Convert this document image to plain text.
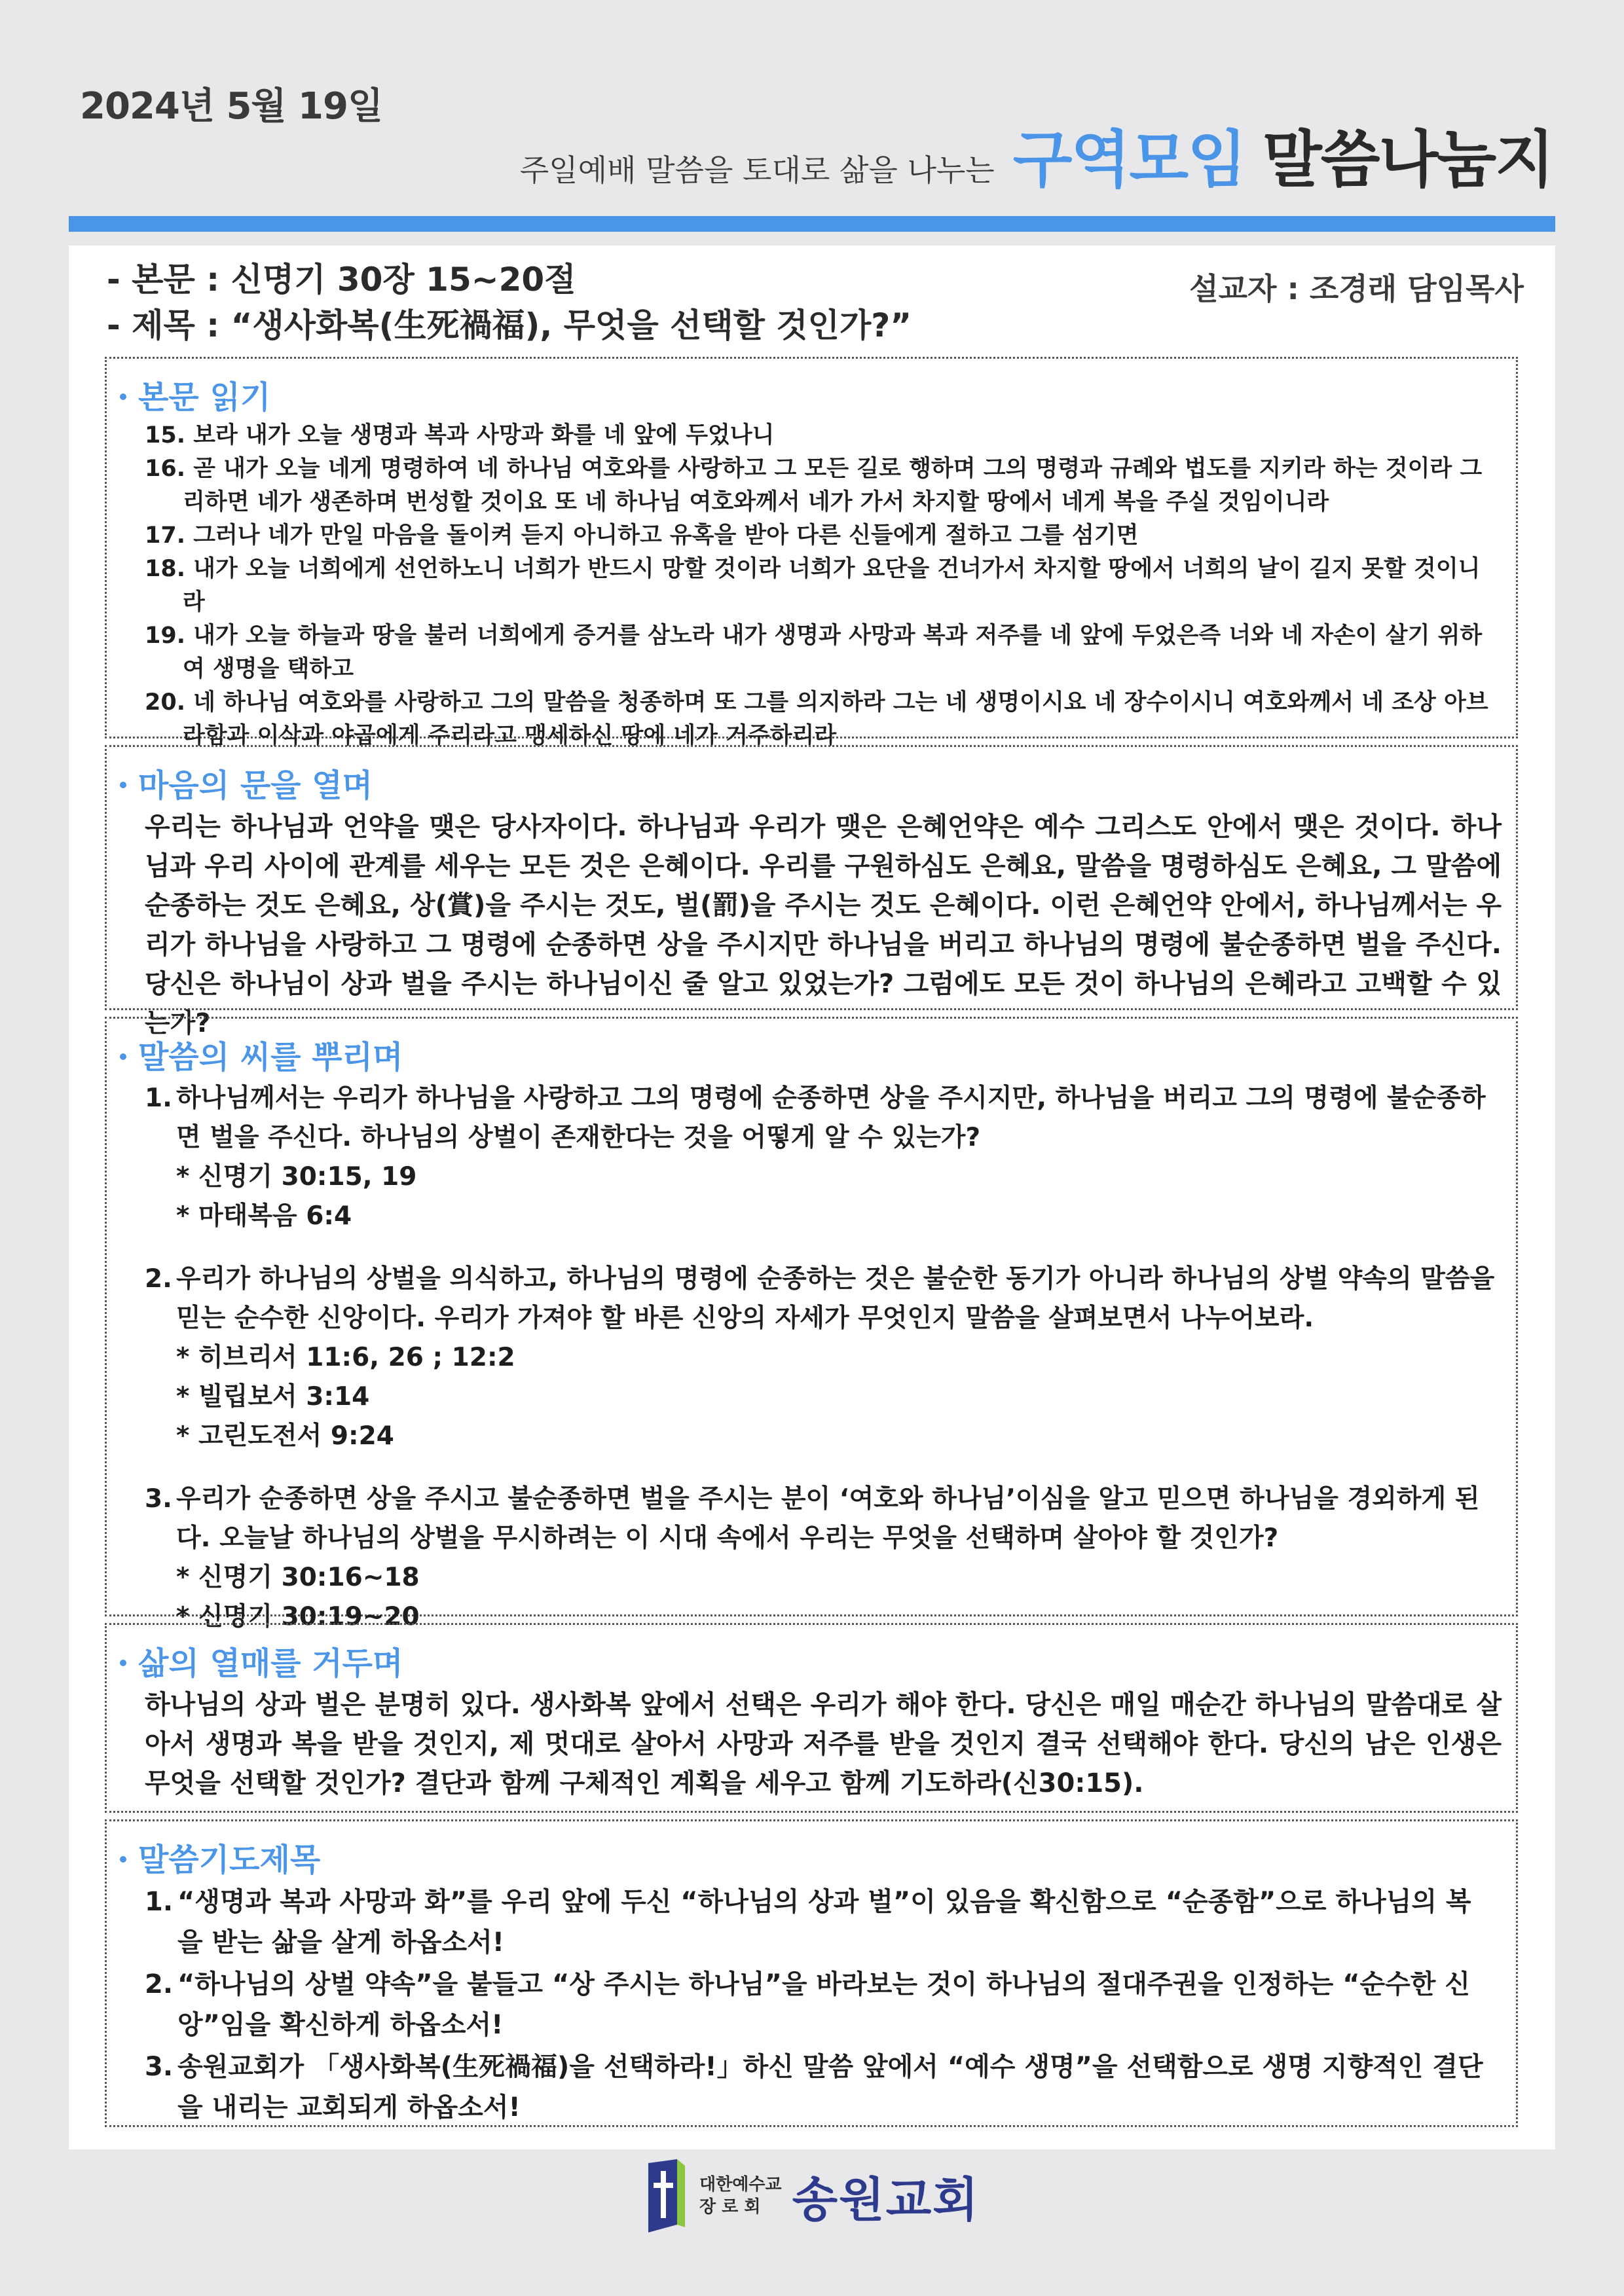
2024년 5월 19일
주일예배 말씀을 토대로 삶을 나누는 구역모임 말씀나눔지
- 본문 : 신명기 30장 15~20절
- 제목 : “생사화복(生死禍福), 무엇을 선택할 것인가?”
설교자 : 조경래 담임목사
본문 읽기
15. 보라 내가 오늘 생명과 복과 사망과 화를 네 앞에 두었나니
16. 곧 내가 오늘 네게 명령하여 네 하나님 여호와를 사랑하고 그 모든 길로 행하며 그의 명령과 규례와 법도를 지키라 하는 것이라 그리하면 네가 생존하며 번성할 것이요 또 네 하나님 여호와께서 네가 가서 차지할 땅에서 네게 복을 주실 것임이니라
17. 그러나 네가 만일 마음을 돌이켜 듣지 아니하고 유혹을 받아 다른 신들에게 절하고 그를 섬기면
18. 내가 오늘 너희에게 선언하노니 너희가 반드시 망할 것이라 너희가 요단을 건너가서 차지할 땅에서 너희의 날이 길지 못할 것이니라
19. 내가 오늘 하늘과 땅을 불러 너희에게 증거를 삼노라 내가 생명과 사망과 복과 저주를 네 앞에 두었은즉 너와 네 자손이 살기 위하여 생명을 택하고
20. 네 하나님 여호와를 사랑하고 그의 말씀을 청종하며 또 그를 의지하라 그는 네 생명이시요 네 장수이시니 여호와께서 네 조상 아브라함과 이삭과 야곱에게 주리라고 맹세하신 땅에 네가 거주하리라
마음의 문을 열며
우리는 하나님과 언약을 맺은 당사자이다. 하나님과 우리가 맺은 은혜언약은 예수 그리스도 안에서 맺은 것이다. 하나님과 우리 사이에 관계를 세우는 모든 것은 은혜이다. 우리를 구원하심도 은혜요, 말씀을 명령하심도 은혜요, 그 말씀에 순종하는 것도 은혜요, 상(賞)을 주시는 것도, 벌(罰)을 주시는 것도 은혜이다. 이런 은혜언약 안에서, 하나님께서는 우리가 하나님을 사랑하고 그 명령에 순종하면 상을 주시지만 하나님을 버리고 하나님의 명령에 불순종하면 벌을 주신다. 당신은 하나님이 상과 벌을 주시는 하나님이신 줄 알고 있었는가? 그럼에도 모든 것이 하나님의 은혜라고 고백할 수 있는가?
말씀의 씨를 뿌리며
1. 하나님께서는 우리가 하나님을 사랑하고 그의 명령에 순종하면 상을 주시지만, 하나님을 버리고 그의 명령에 불순종하면 벌을 주신다. 하나님의 상벌이 존재한다는 것을 어떻게 알 수 있는가?
* 신명기 30:15, 19
* 마태복음 6:4
2. 우리가 하나님의 상벌을 의식하고, 하나님의 명령에 순종하는 것은 불순한 동기가 아니라 하나님의 상벌 약속의 말씀을 믿는 순수한 신앙이다. 우리가 가져야 할 바른 신앙의 자세가 무엇인지 말씀을 살펴보면서 나누어보라.
* 히브리서 11:6, 26 ; 12:2
* 빌립보서 3:14
* 고린도전서 9:24
3. 우리가 순종하면 상을 주시고 불순종하면 벌을 주시는 분이 ‘여호와 하나님’이심을 알고 믿으면 하나님을 경외하게 된다. 오늘날 하나님의 상벌을 무시하려는 이 시대 속에서 우리는 무엇을 선택하며 살아야 할 것인가?
* 신명기 30:16~18
* 신명기 30:19~20
삶의 열매를 거두며
하나님의 상과 벌은 분명히 있다. 생사화복 앞에서 선택은 우리가 해야 한다. 당신은 매일 매순간 하나님의 말씀대로 살아서 생명과 복을 받을 것인지, 제 멋대로 살아서 사망과 저주를 받을 것인지 결국 선택해야 한다. 당신의 남은 인생은 무엇을 선택할 것인가? 결단과 함께 구체적인 계획을 세우고 함께 기도하라(신30:15).
말씀기도제목
1. “생명과 복과 사망과 화”를 우리 앞에 두신 “하나님의 상과 벌”이 있음을 확신함으로 “순종함”으로 하나님의 복을 받는 삶을 살게 하옵소서!
2. “하나님의 상벌 약속”을 붙들고 “상 주시는 하나님”을 바라보는 것이 하나님의 절대주권을 인정하는 “순수한 신앙”임을 확신하게 하옵소서!
3. 송원교회가 「생사화복(生死禍福)을 선택하라!」하신 말씀 앞에서 “예수 생명”을 선택함으로 생명 지향적인 결단을 내리는 교회되게 하옵소서!
대한예수교
장 로 회 송원교회
